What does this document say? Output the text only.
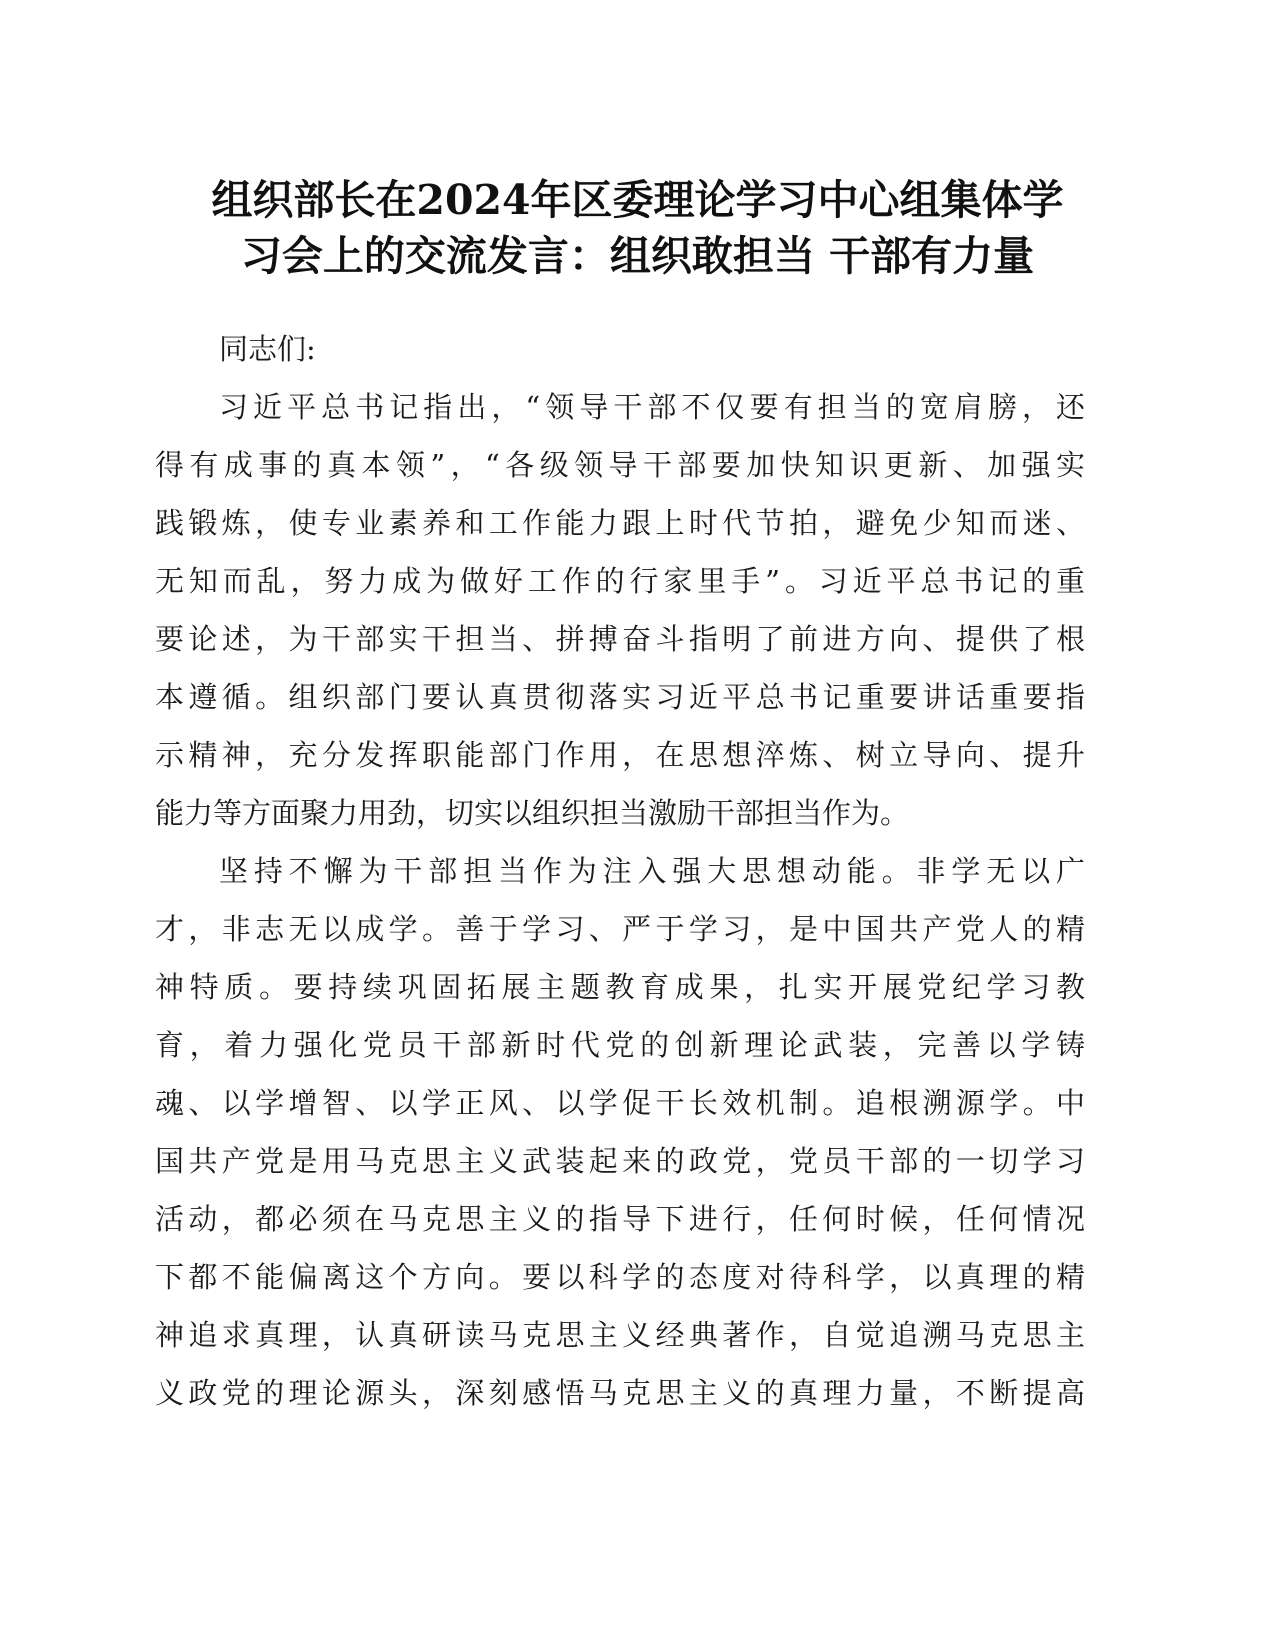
组织部长在2024年区委理论学习中心组集体学
习会上的交流发言：组织敢担当 干部有力量
同志们:
习近平总书记指出，“领导干部不仅要有担当的宽肩膀，还
得有成事的真本领”，“各级领导干部要加快知识更新、加强实
践锻炼，使专业素养和工作能力跟上时代节拍，避免少知而迷、
无知而乱，努力成为做好工作的行家里手”。习近平总书记的重
要论述，为干部实干担当、拼搏奋斗指明了前进方向、提供了根
本遵循。组织部门要认真贯彻落实习近平总书记重要讲话重要指
示精神，充分发挥职能部门作用，在思想淬炼、树立导向、提升
能力等方面聚力用劲，切实以组织担当激励干部担当作为。
坚持不懈为干部担当作为注入强大思想动能。非学无以广
才，非志无以成学。善于学习、严于学习，是中国共产党人的精
神特质。要持续巩固拓展主题教育成果，扎实开展党纪学习教
育，着力强化党员干部新时代党的创新理论武装，完善以学铸
魂、以学增智、以学正风、以学促干长效机制。追根溯源学。中
国共产党是用马克思主义武装起来的政党，党员干部的一切学习
活动，都必须在马克思主义的指导下进行，任何时候，任何情况
下都不能偏离这个方向。要以科学的态度对待科学，以真理的精
神追求真理，认真研读马克思主义经典著作，自觉追溯马克思主
义政党的理论源头，深刻感悟马克思主义的真理力量，不断提高
